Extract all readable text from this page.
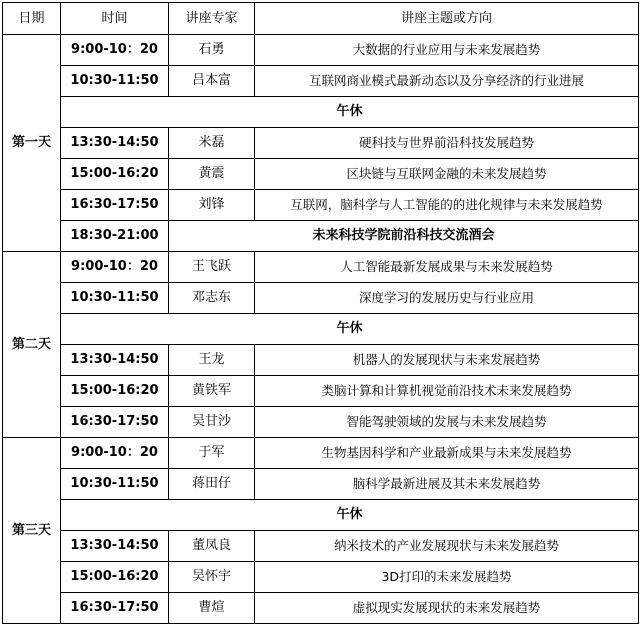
日期	时间	讲座专家	讲座主题或方向
第一天	9:00-10：20	石勇	大数据的行业应用与未来发展趋势
	10:30-11:50	吕本富	互联网商业模式最新动态以及分享经济的行业进展
	午休		
	13:30-14:50	米磊	硬科技与世界前沿科技发展趋势
	15:00-16:20	黄震	区块链与互联网金融的未来发展趋势
	16:30-17:50	刘锋	互联网，脑科学与人工智能的的进化规律与未来发展趋势
	18:30-21:00	未来科技学院前沿科技交流酒会	
第二天	9:00-10：20	王飞跃	人工智能最新发展成果与未来发展趋势
	10:30-11:50	邓志东	深度学习的发展历史与行业应用
	午休		
	13:30-14:50	王龙	机器人的发展现状与未来发展趋势
	15:00-16:20	黄铁军	类脑计算和计算机视觉前沿技术未来发展趋势
	16:30-17:50	吴甘沙	智能驾驶领域的发展与未来发展趋势
第三天	9:00-10：20	于军	生物基因科学和产业最新成果与未来发展趋势
	10:30-11:50	蒋田仔	脑科学最新进展及其未来发展趋势
	午休		
	13:30-14:50	董凤良	纳米技术的产业发展现状与未来发展趋势
	15:00-16:20	吴怀宇	3D打印的未来发展趋势
	16:30-17:50	曹煊	虚拟现实发展现状的未来发展趋势
